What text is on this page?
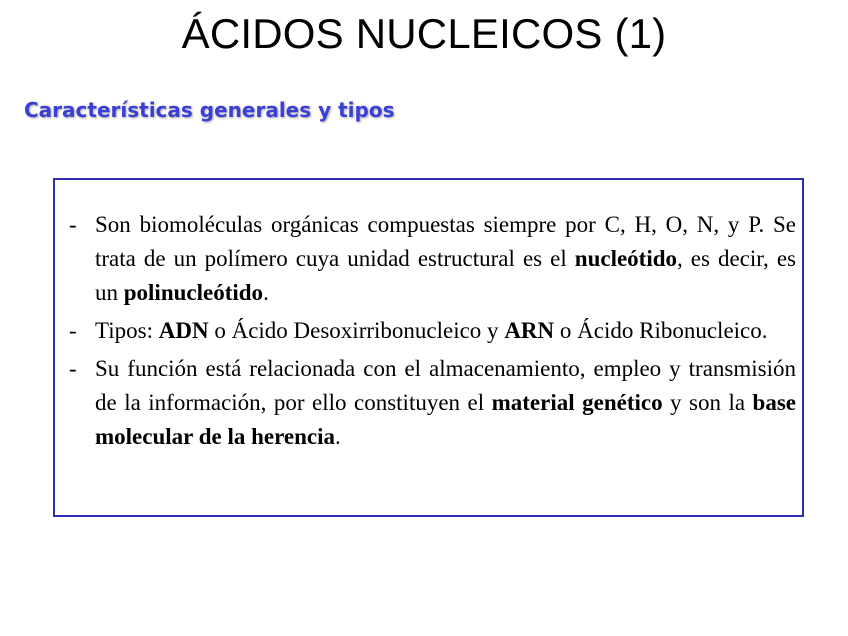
ÁCIDOS NUCLEICOS (1)
Características generales y tipos
- Son biomoléculas orgánicas compuestas siempre por C, H, O, N, y P. Se trata de un polímero cuya unidad estructural es el nucleótido, es decir, es un polinucleótido.
- Tipos: ADN o Ácido Desoxirribonucleico y ARN o Ácido Ribonucleico.
- Su función está relacionada con el almacenamiento, empleo y transmisión de la información, por ello constituyen el material genético y son la base molecular de la herencia.
